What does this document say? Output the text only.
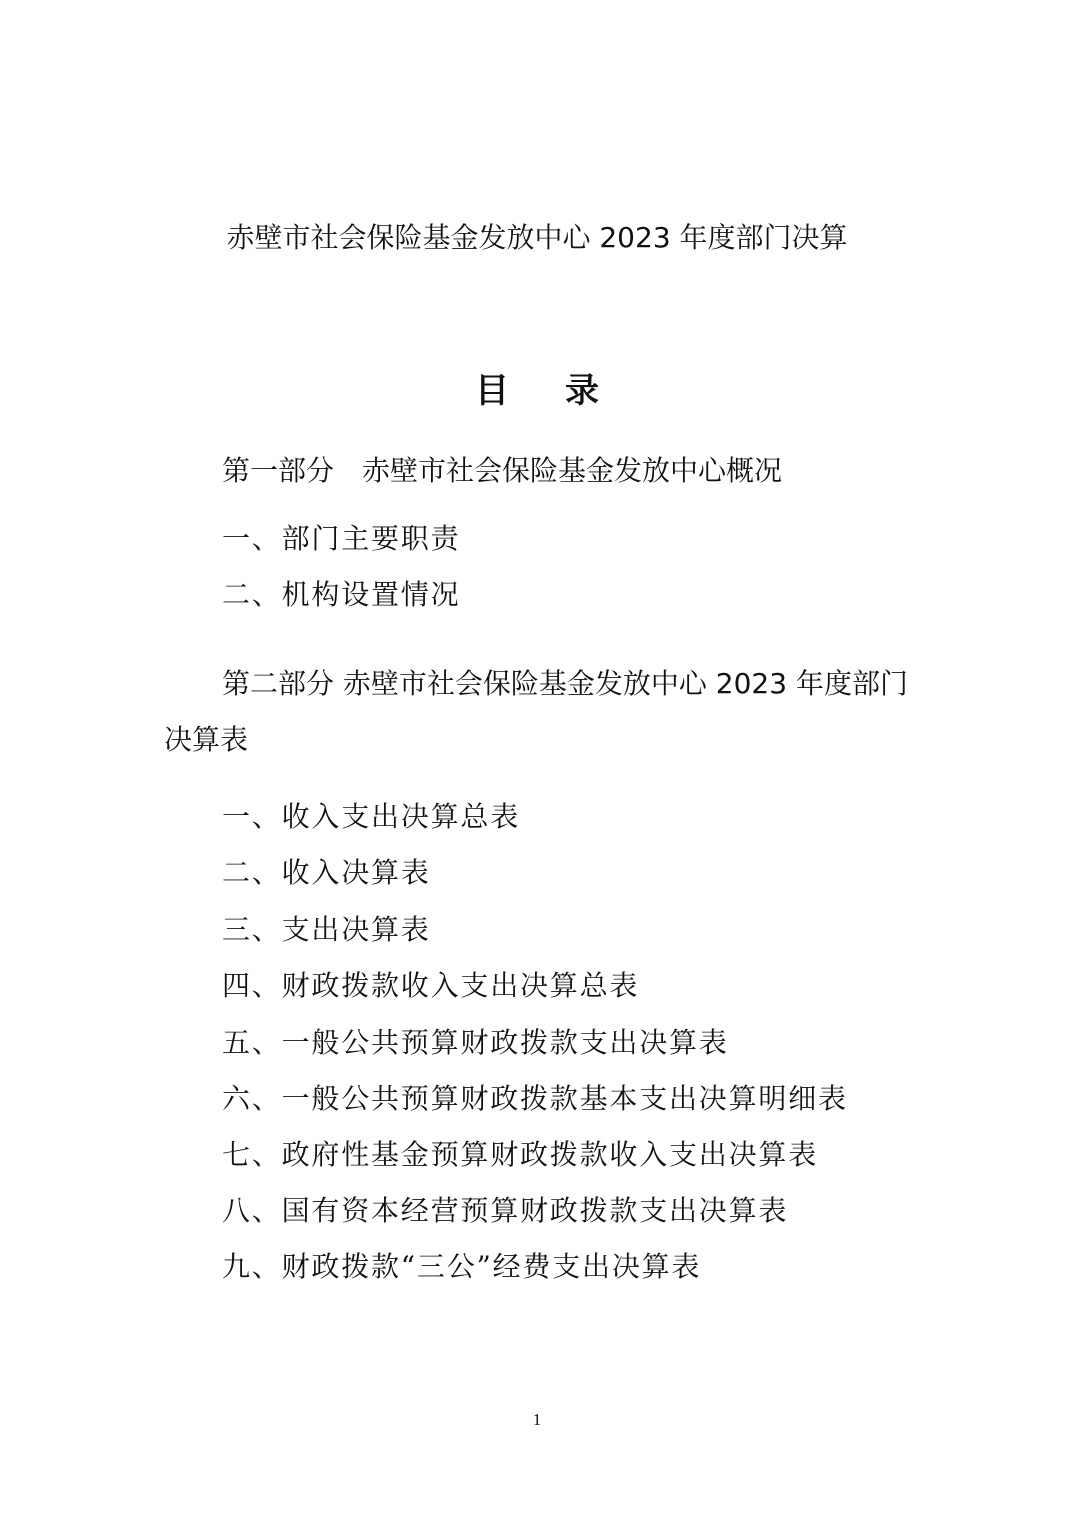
赤壁市社会保险基金发放中心 2023 年度部门决算
目录
第一部分　赤壁市社会保险基金发放中心概况
一、部门主要职责
二、机构设置情况
第二部分 赤壁市社会保险基金发放中心 2023 年度部门
决算表
一、收入支出决算总表
二、收入决算表
三、支出决算表
四、财政拨款收入支出决算总表
五、一般公共预算财政拨款支出决算表
六、一般公共预算财政拨款基本支出决算明细表
七、政府性基金预算财政拨款收入支出决算表
八、国有资本经营预算财政拨款支出决算表
九、财政拨款“三公”经费支出决算表
1
